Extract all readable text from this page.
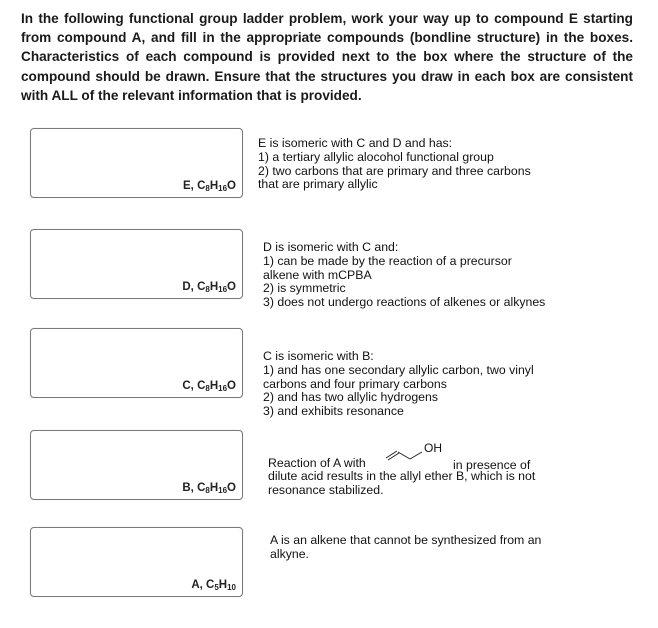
In the following functional group ladder problem, work your way up to compound E starting from compound A, and fill in the appropriate compounds (bondline structure) in the boxes. Characteristics of each compound is provided next to the box where the structure of the compound should be drawn. Ensure that the structures you draw in each box are consistent with ALL of the relevant information that is provided.
E, $C_8H_{16}O$
D, $C_8H_{16}O$
C, $C_8H_{16}O$
B, $C_8H_{16}O$
A, $C_5H_{10}$
E is isomeric with C and D and has:
1) a tertiary allylic alocohol functional group
2) two carbons that are primary and three carbons
that are primary allylic
D is isomeric with C and:
1) can be made by the reaction of a precursor
alkene with mCPBA
2) is symmetric
3) does not undergo reactions of alkenes or alkynes
C is isomeric with B:
1) and has one secondary allylic carbon, two vinyl
carbons and four primary carbons
2) and has two allylic hydrogens
3) and exhibits resonance
Reaction of A with
OH
in presence of
dilute acid results in the allyl ether B, which is not
resonance stabilized.
A is an alkene that cannot be synthesized from an
alkyne.
